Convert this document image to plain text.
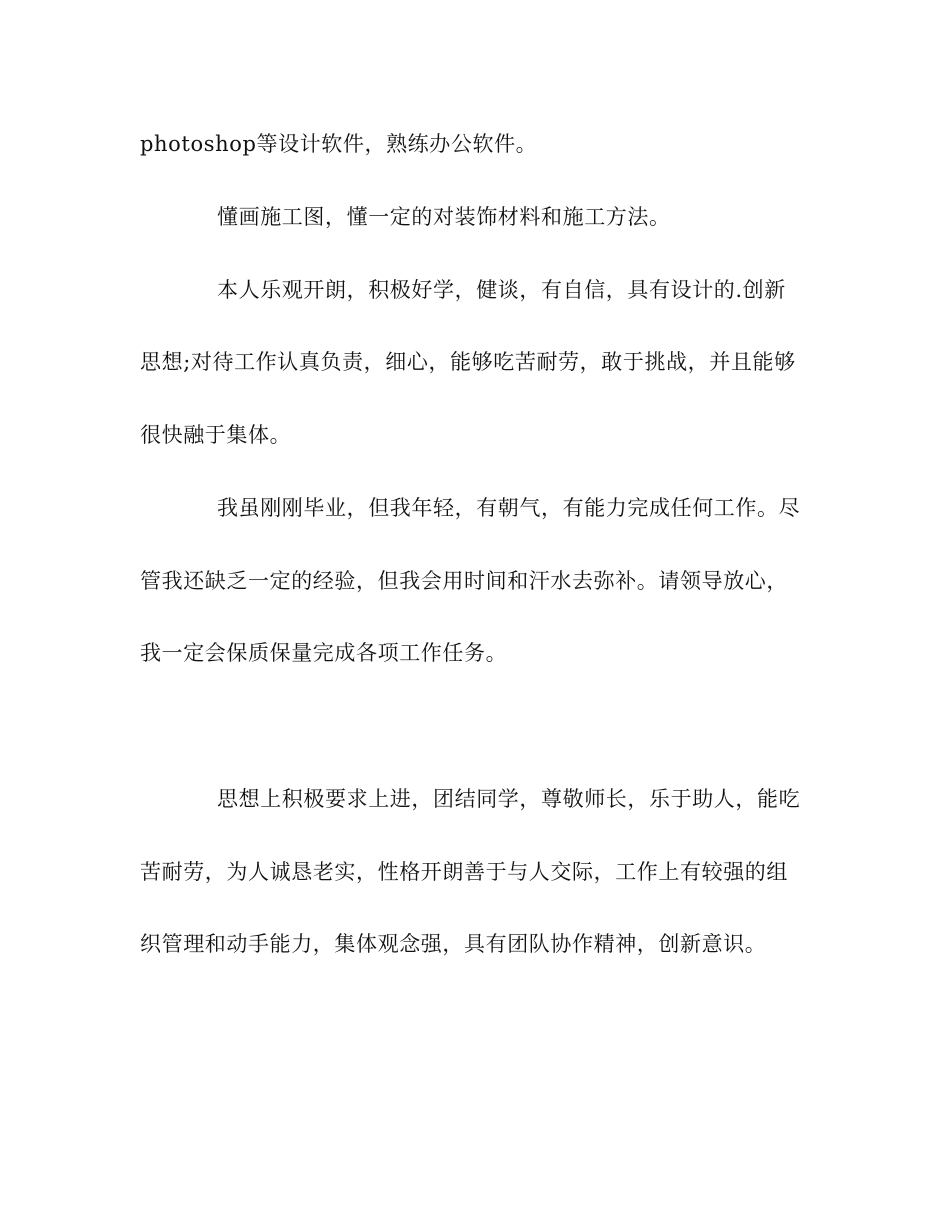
photoshop等设计软件，熟练办公软件。
懂画施工图，懂一定的对装饰材料和施工方法。
本人乐观开朗，积极好学，健谈，有自信，具有设计的.创新
思想;对待工作认真负责，细心，能够吃苦耐劳，敢于挑战，并且能够
很快融于集体。
我虽刚刚毕业，但我年轻，有朝气，有能力完成任何工作。尽
管我还缺乏一定的经验，但我会用时间和汗水去弥补。请领导放心，
我一定会保质保量完成各项工作任务。
思想上积极要求上进，团结同学，尊敬师长，乐于助人，能吃
苦耐劳，为人诚恳老实，性格开朗善于与人交际，工作上有较强的组
织管理和动手能力，集体观念强，具有团队协作精神，创新意识。
